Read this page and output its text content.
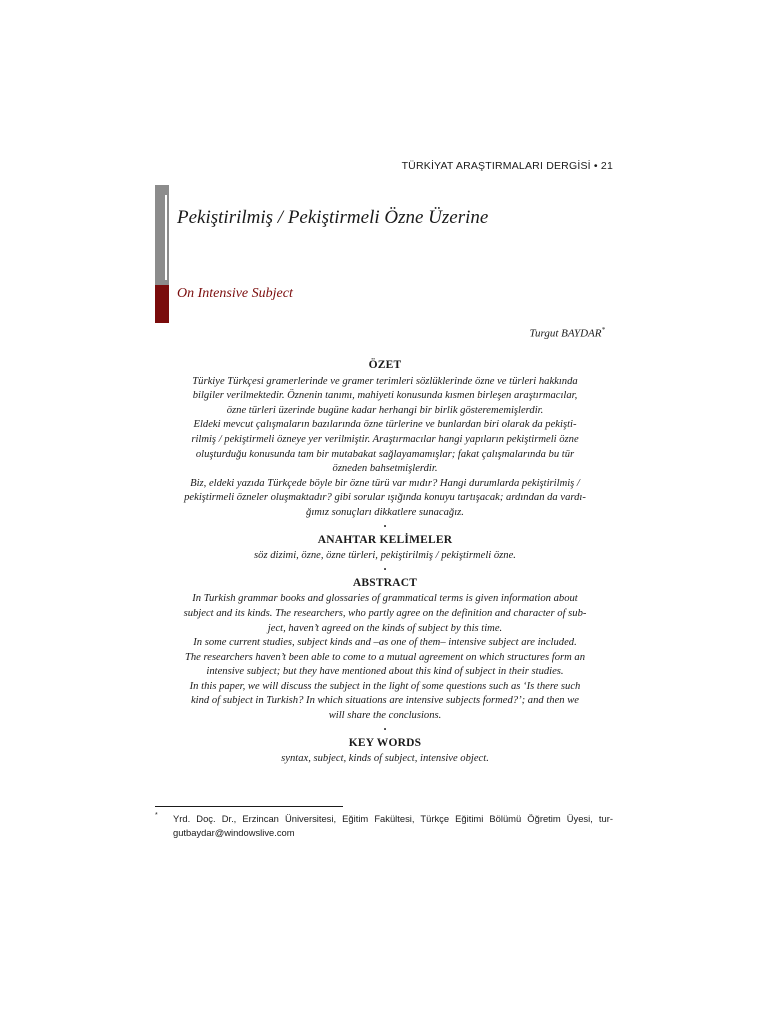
TÜRKİYAT ARAŞTIRMALARI DERGİSİ • 21
Pekiştirilmiş / Pekiştirmeli Özne Üzerine
On Intensive Subject
Turgut BAYDAR*
ÖZET

Türkiye Türkçesi gramerlerinde ve gramer terimleri sözlüklerinde özne ve türleri hakkında

bilgiler verilmektedir. Öznenin tanımı, mahiyeti konusunda kısmen birleşen araştırmacılar,

özne türleri üzerinde bugüne kadar herhangi bir birlik gösterememişlerdir.

Eldeki mevcut çalışmaların bazılarında özne türlerine ve bunlardan biri olarak da pekişti-

rilmiş / pekiştirmeli özneye yer verilmiştir. Araştırmacılar hangi yapıların pekiştirmeli özne

oluşturduğu konusunda tam bir mutabakat sağlayamamışlar; fakat çalışmalarında bu tür

özneden bahsetmişlerdir.

Biz, eldeki yazıda Türkçede böyle bir özne türü var mıdır? Hangi durumlarda pekiştirilmiş /

pekiştirmeli özneler oluşmaktadır? gibi sorular ışığında konuyu tartışacak; ardından da vardı-

ğımız sonuçları dikkatlere sunacağız.

•
ANAHTAR KELİMELER

söz dizimi, özne, özne türleri, pekiştirilmiş / pekiştirmeli özne.

•
ABSTRACT

In Turkish grammar books and glossaries of grammatical terms is given information about

subject and its kinds. The researchers, who partly agree on the definition and character of sub-

ject, haven’t agreed on the kinds of subject by this time.

In some current studies, subject kinds and –as one of them– intensive subject are included.

The researchers haven’t been able to come to a mutual agreement on which structures form an

intensive subject; but they have mentioned about this kind of subject in their studies.

In this paper, we will discuss the subject in the light of some questions such as ‘Is there such

kind of subject in Turkish? In which situations are intensive subjects formed?’; and then we

will share the conclusions.

•
KEY WORDS

syntax, subject, kinds of subject, intensive object.

* Yrd. Doç. Dr., Erzincan Üniversitesi, Eğitim Fakültesi, Türkçe Eğitimi Bölümü Öğretim Üyesi, tur-gutbaydar@windowslive.com
